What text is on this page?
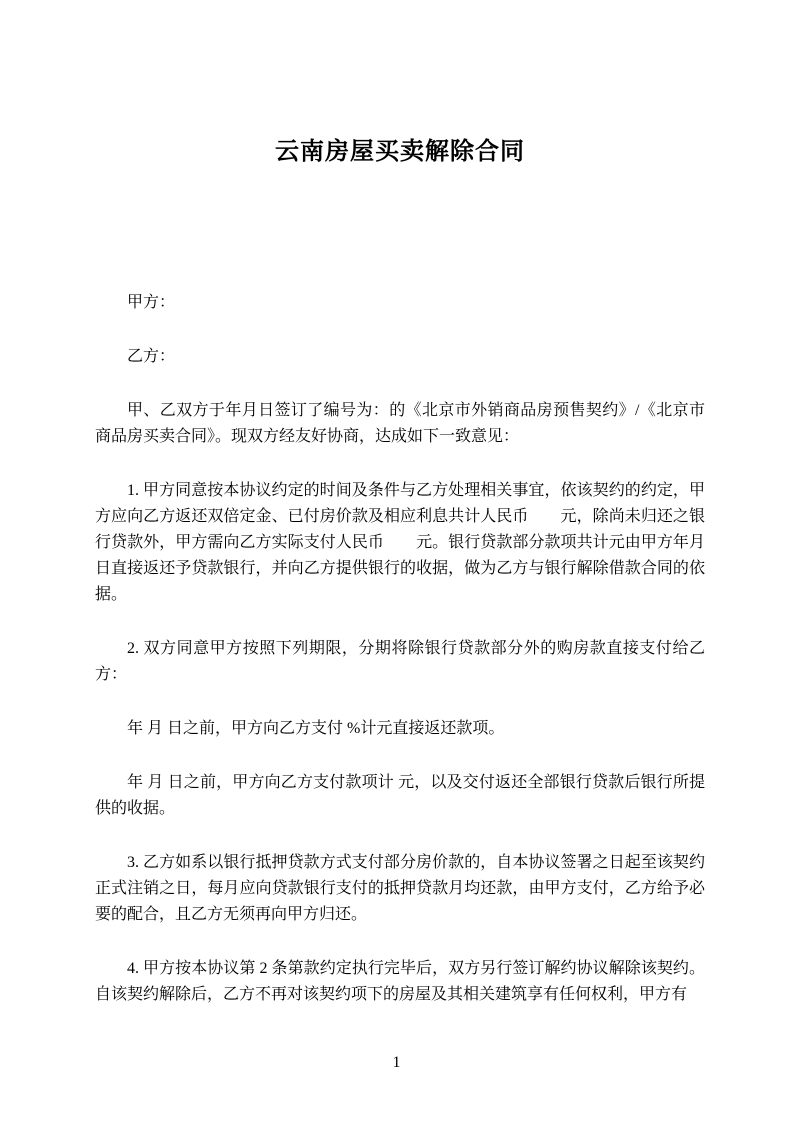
云南房屋买卖解除合同

甲方：

乙方：

甲、乙双方于年月日签订了编号为：的《北京市外销商品房预售契约》/《北京市商品房买卖合同》。现双方经友好协商，达成如下一致意见：

1. 甲方同意按本协议约定的时间及条件与乙方处理相关事宜，依该契约的约定，甲方应向乙方返还双倍定金、已付房价款及相应利息共计人民币　　元，除尚未归还之银行贷款外，甲方需向乙方实际支付人民币　　元。银行贷款部分款项共计元由甲方年月日直接返还予贷款银行，并向乙方提供银行的收据，做为乙方与银行解除借款合同的依据。

2. 双方同意甲方按照下列期限，分期将除银行贷款部分外的购房款直接支付给乙方：

年 月 日之前，甲方向乙方支付 %计元直接返还款项。

年 月 日之前，甲方向乙方支付款项计 元，以及交付返还全部银行贷款后银行所提供的收据。

3. 乙方如系以银行抵押贷款方式支付部分房价款的，自本协议签署之日起至该契约正式注销之日，每月应向贷款银行支付的抵押贷款月均还款，由甲方支付，乙方给予必要的配合，且乙方无须再向甲方归还。

4. 甲方按本协议第 2 条第款约定执行完毕后，双方另行签订解约协议解除该契约。自该契约解除后，乙方不再对该契约项下的房屋及其相关建筑享有任何权利，甲方有

1
